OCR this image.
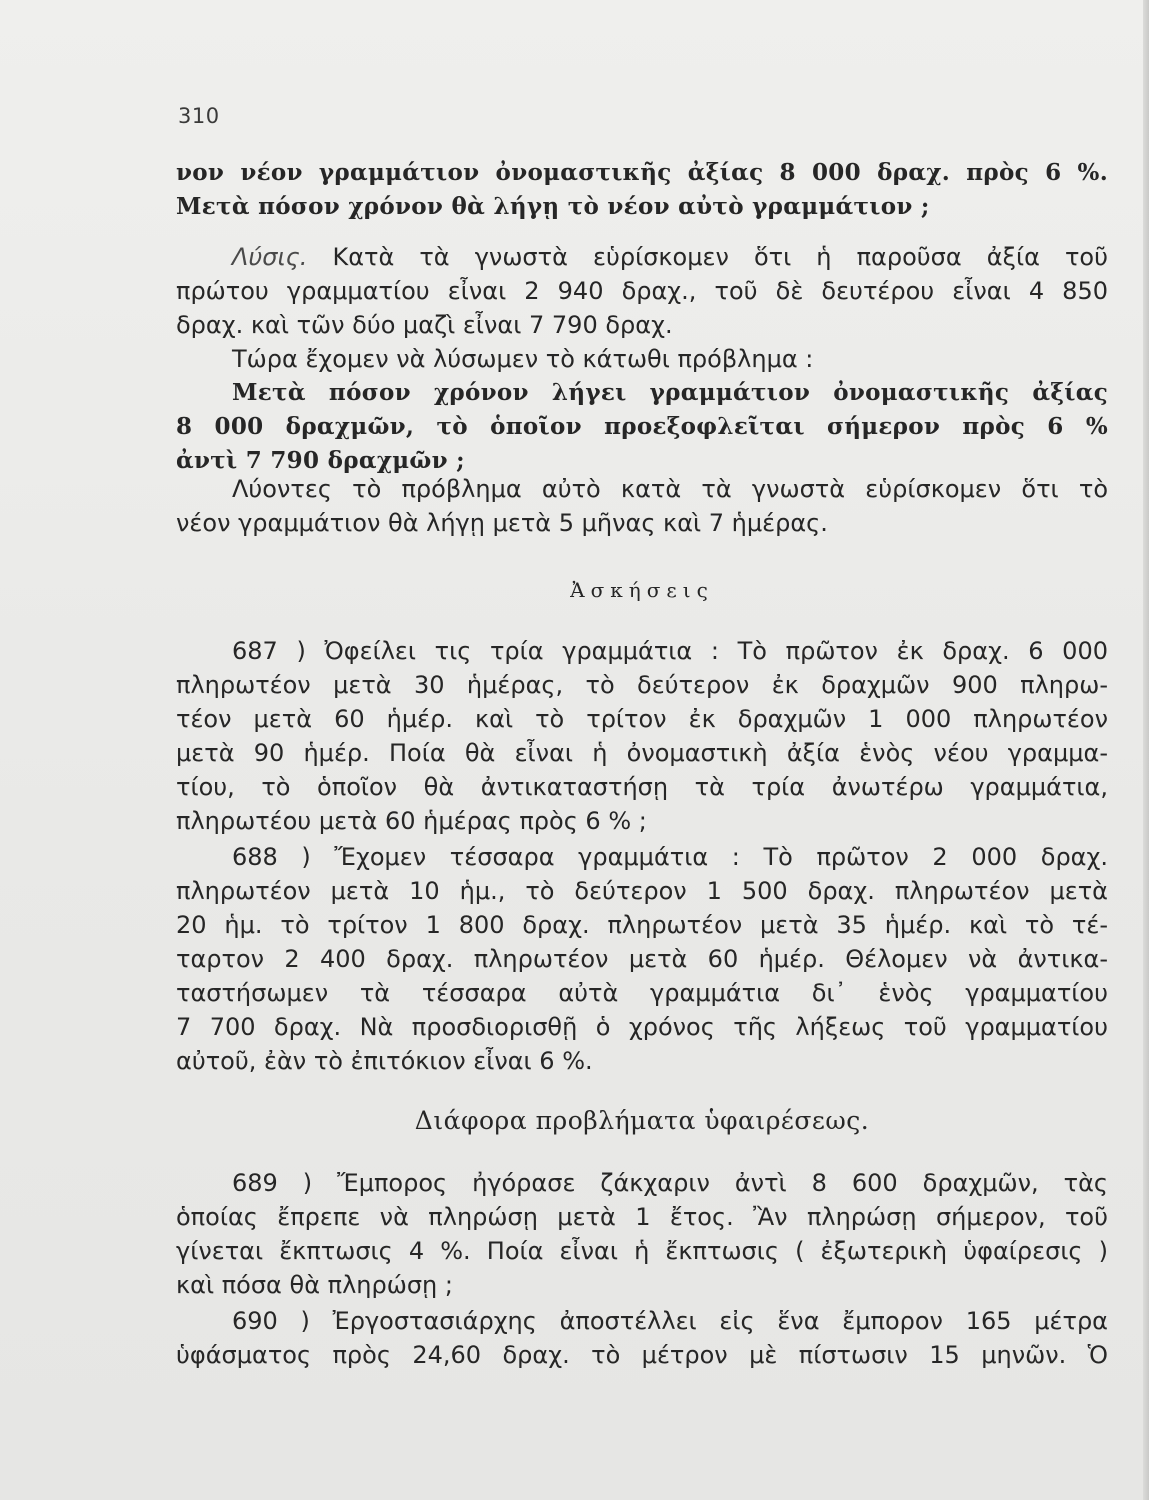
310
νον νέον γραμμάτιον ὀνομαστικῆς ἀξίας 8 000 δραχ. πρὸς 6 %.
Μετὰ πόσον χρόνον θὰ λήγῃ τὸ νέον αὐτὸ γραμμάτιον ;
Λύσις. Κατὰ τὰ γνωστὰ εὑρίσκομεν ὅτι ἡ παροῦσα ἀξία τοῦ
πρώτου γραμματίου εἶναι 2 940 δραχ., τοῦ δὲ δευτέρου εἶναι 4 850
δραχ. καὶ τῶν δύο μαζὶ εἶναι 7 790 δραχ.
Τώρα ἔχομεν νὰ λύσωμεν τὸ κάτωθι πρόβλημα :
Μετὰ πόσον χρόνον λήγει γραμμάτιον ὀνομαστικῆς ἀξίας
8 000 δραχμῶν, τὸ ὁποῖον προεξοφλεῖται σήμερον πρὸς 6 %
ἀντὶ 7 790 δραχμῶν ;
Λύοντες τὸ πρόβλημα αὐτὸ κατὰ τὰ γνωστὰ εὑρίσκομεν ὅτι τὸ
νέον γραμμάτιον θὰ λήγῃ μετὰ 5 μῆνας καὶ 7 ἡμέρας.
Ἀσκήσεις
687 ) Ὀφείλει τις τρία γραμμάτια : Τὸ πρῶτον ἐκ δραχ. 6 000
πληρωτέον μετὰ 30 ἡμέρας, τὸ δεύτερον ἐκ δραχμῶν 900 πληρω-
τέον μετὰ 60 ἡμέρ. καὶ τὸ τρίτον ἐκ δραχμῶν 1 000 πληρωτέον
μετὰ 90 ἡμέρ. Ποία θὰ εἶναι ἡ ὀνομαστικὴ ἀξία ἑνὸς νέου γραμμα-
τίου, τὸ ὁποῖον θὰ ἀντικαταστήσῃ τὰ τρία ἀνωτέρω γραμμάτια,
πληρωτέου μετὰ 60 ἡμέρας πρὸς 6 % ;
688 ) Ἔχομεν τέσσαρα γραμμάτια : Τὸ πρῶτον 2 000 δραχ.
πληρωτέον μετὰ 10 ἡμ., τὸ δεύτερον 1 500 δραχ. πληρωτέον μετὰ
20 ἡμ. τὸ τρίτον 1 800 δραχ. πληρωτέον μετὰ 35 ἡμέρ. καὶ τὸ τέ-
ταρτον 2 400 δραχ. πληρωτέον μετὰ 60 ἡμέρ. Θέλομεν νὰ ἀντικα-
ταστήσωμεν τὰ τέσσαρα αὐτὰ γραμμάτια δι᾿ ἑνὸς γραμματίου
7 700 δραχ. Νὰ προσδιορισθῇ ὁ χρόνος τῆς λήξεως τοῦ γραμματίου
αὐτοῦ, ἐὰν τὸ ἐπιτόκιον εἶναι 6 %.
Διάφορα προβλήματα ὑφαιρέσεως.
689 ) Ἔμπορος ἠγόρασε ζάκχαριν ἀντὶ 8 600 δραχμῶν, τὰς
ὁποίας ἔπρεπε νὰ πληρώσῃ μετὰ 1 ἔτος. Ἂν πληρώσῃ σήμερον, τοῦ
γίνεται ἔκπτωσις 4 %. Ποία εἶναι ἡ ἔκπτωσις ( ἐξωτερικὴ ὑφαίρεσις )
καὶ πόσα θὰ πληρώσῃ ;
690 ) Ἐργοστασιάρχης ἀποστέλλει εἰς ἕνα ἔμπορον 165 μέτρα
ὑφάσματος πρὸς 24,60 δραχ. τὸ μέτρον μὲ πίστωσιν 15 μηνῶν. Ὁ
